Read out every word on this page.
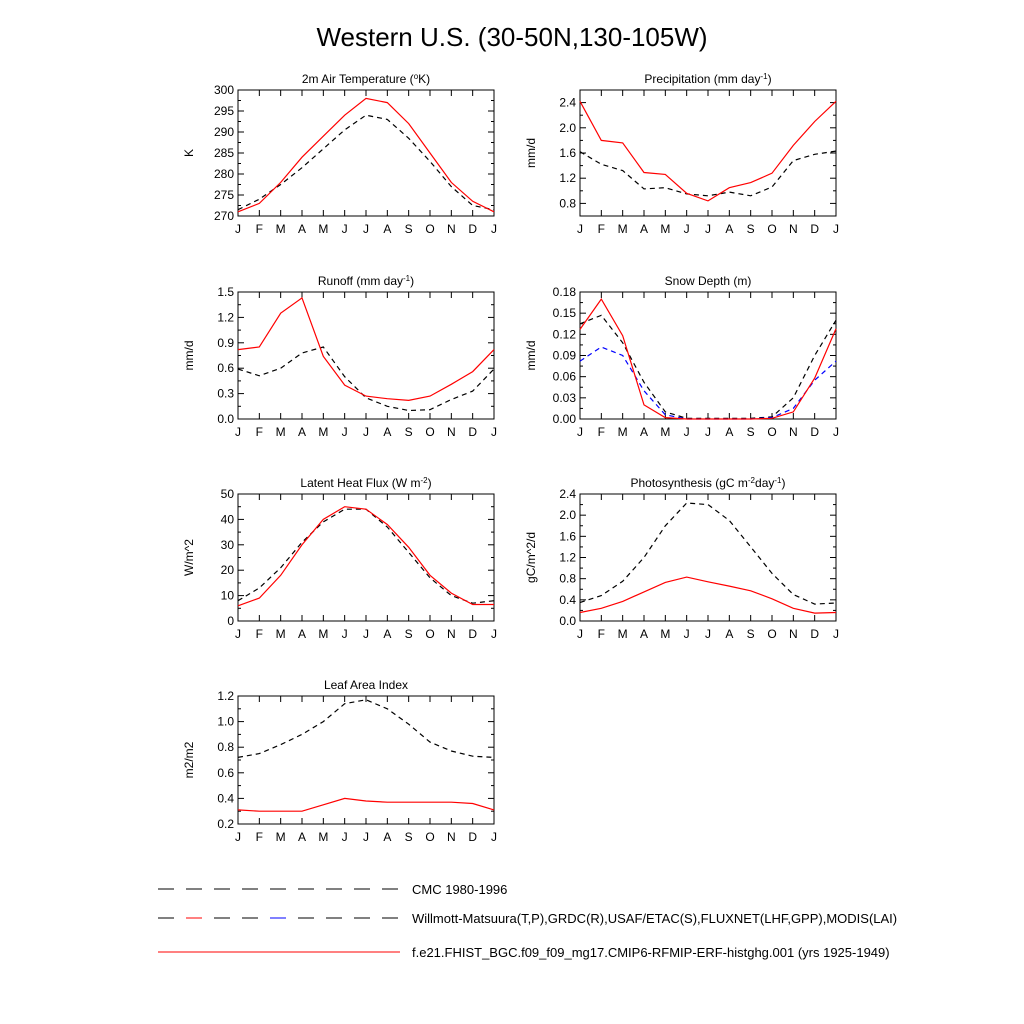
Western U.S. (30-50N,130-105W)
2m Air Temperature ($^o$K)
K
270
275
280
285
290
295
300
J F M A M J J A S O N D J
Precipitation (mm day$^{-1}$)
mm/d
0.8
1.2
1.6
2.0
2.4
J F M A M J J A S O N D J
Runoff (mm day$^{-1}$)
mm/d
0.0
0.3
0.6
0.9
1.2
1.5
J F M A M J J A S O N D J
Snow Depth (m)
mm/d
0.00
0.03
0.06
0.09
0.12
0.15
0.18
J F M A M J J A S O N D J
Latent Heat Flux (W $m^{-2}$)
W/m^2
0
10
20
30
40
50
J F M A M J J A S O N D J
Photosynthesis (gC $m^{-2}day^{-1}$)
gC/m^2/d
0.0
0.4
0.8
1.2
1.6
2.0
2.4
J F M A M J J A S O N D J
Leaf Area Index
m2/m2
0.2
0.4
0.6
0.8
1.0
1.2
J F M A M J J A S O N D J
CMC 1980-1996
Willmott-Matsuura(T,P),GRDC(R),USAF/ETAC(S),FLUXNET(LHF,GPP),MODIS(LAI)
f.e21.FHIST_BGC.f09_f09_mg17.CMIP6-RFMIP-ERF-histghg.001 (yrs 1925-1949)
